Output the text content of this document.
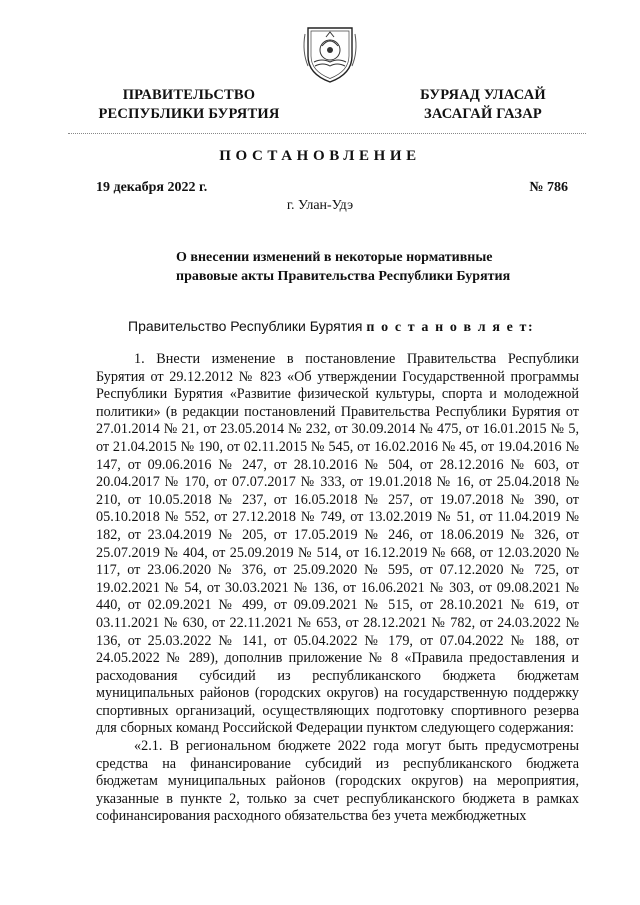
ПРАВИТЕЛЬСТВО
РЕСПУБЛИКИ БУРЯТИЯ
БУРЯАД УЛАСАЙ
ЗАСАГАЙ ГАЗАР
ПОСТАНОВЛЕНИЕ
19 декабря 2022 г.	№ 786
г. Улан-Удэ
О внесении изменений в некоторые нормативные
правовые акты Правительства Республики Бурятия
Правительство Республики Бурятия п о с т а н о в л я е т:

1. Внести изменение в постановление Правительства Республики Бурятия от 29.12.2012 № 823 «Об утверждении Государственной программы Республики Бурятия «Развитие физической культуры, спорта и молодежной политики» (в редакции постановлений Правительства Республики Бурятия от 27.01.2014 № 21, от 23.05.2014 № 232, от 30.09.2014 № 475, от 16.01.2015 № 5, от 21.04.2015 № 190, от 02.11.2015 № 545, от 16.02.2016 № 45, от 19.04.2016 № 147, от 09.06.2016 № 247, от 28.10.2016 № 504, от 28.12.2016 № 603, от 20.04.2017 № 170, от 07.07.2017 № 333, от 19.01.2018 № 16, от 25.04.2018 № 210, от 10.05.2018 № 237, от 16.05.2018 № 257, от 19.07.2018 № 390, от 05.10.2018 № 552, от 27.12.2018 № 749, от 13.02.2019 № 51, от 11.04.2019 № 182, от 23.04.2019 № 205, от 17.05.2019 № 246, от 18.06.2019 № 326, от 25.07.2019 № 404, от 25.09.2019 № 514, от 16.12.2019 № 668, от 12.03.2020 № 117, от 23.06.2020 № 376, от 25.09.2020 № 595, от 07.12.2020 № 725, от 19.02.2021 № 54, от 30.03.2021 № 136, от 16.06.2021 № 303, от 09.08.2021 № 440, от 02.09.2021 № 499, от 09.09.2021 № 515, от 28.10.2021 № 619, от 03.11.2021 № 630, от 22.11.2021 № 653, от 28.12.2021 № 782, от 24.03.2022 № 136, от 25.03.2022 № 141, от 05.04.2022 № 179, от 07.04.2022 № 188, от 24.05.2022 № 289), дополнив приложение № 8 «Правила предоставления и расходования субсидий из республиканского бюджета бюджетам муниципальных районов (городских округов) на государственную поддержку спортивных организаций, осуществляющих подготовку спортивного резерва для сборных команд Российской Федерации пунктом следующего содержания:

«2.1. В региональном бюджете 2022 года могут быть предусмотрены средства на финансирование субсидий из республиканского бюджета бюджетам муниципальных районов (городских округов) на мероприятия, указанные в пункте 2, только за счет республиканского бюджета в рамках софинансирования расходного обязательства без учета межбюджетных
